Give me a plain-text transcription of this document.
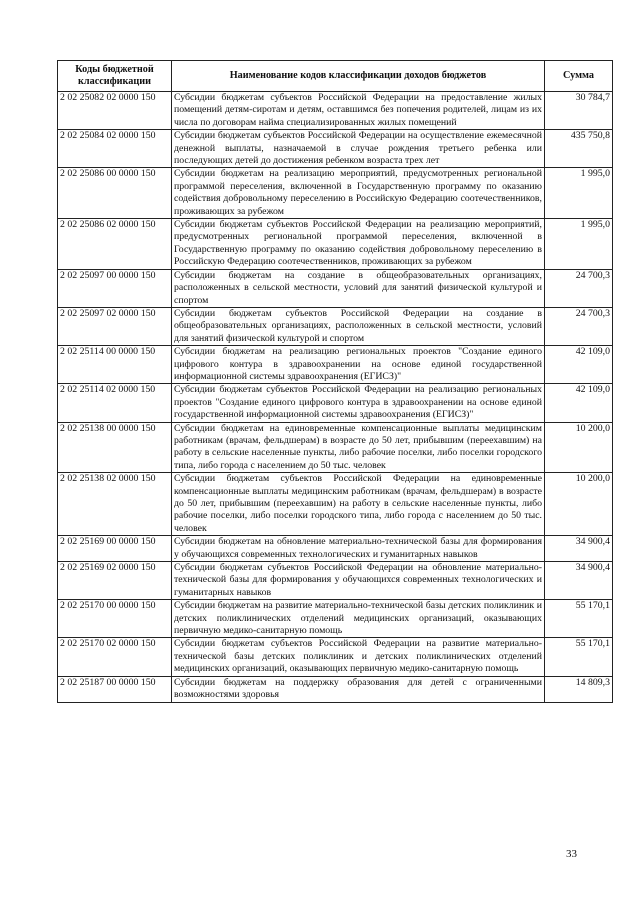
Коды бюджетной классификации	Наименование кодов классификации доходов бюджетов	Сумма
2 02 25082 02 0000 150	Субсидии бюджетам субъектов Российской Федерации на предоставление жилых помещений детям-сиротам и детям, оставшимся без попечения родителей, лицам из их числа по договорам найма специализированных жилых помещений	30 784,7
2 02 25084 02 0000 150	Субсидии бюджетам субъектов Российской Федерации на осуществление ежемесячной денежной выплаты, назначаемой в случае рождения третьего ребенка или последующих детей до достижения ребенком возраста трех лет	435 750,8
2 02 25086 00 0000 150	Субсидии бюджетам на реализацию мероприятий, предусмотренных региональной программой переселения, включенной в Государственную программу по оказанию содействия добровольному переселению в Российскую Федерацию соотечественников, проживающих за рубежом	1 995,0
2 02 25086 02 0000 150	Субсидии бюджетам субъектов Российской Федерации на реализацию мероприятий, предусмотренных региональной программой переселения, включенной в Государственную программу по оказанию содействия добровольному переселению в Российскую Федерацию соотечественников, проживающих за рубежом	1 995,0
2 02 25097 00 0000 150	Субсидии бюджетам на создание в общеобразовательных организациях, расположенных в сельской местности, условий для занятий физической культурой и спортом	24 700,3
2 02 25097 02 0000 150	Субсидии бюджетам субъектов Российской Федерации на создание в общеобразовательных организациях, расположенных в сельской местности, условий для занятий физической культурой и спортом	24 700,3
2 02 25114 00 0000 150	Субсидии бюджетам на реализацию региональных проектов "Создание единого цифрового контура в здравоохранении на основе единой государственной информационной системы здравоохранения (ЕГИСЗ)"	42 109,0
2 02 25114 02 0000 150	Субсидии бюджетам субъектов Российской Федерации на реализацию региональных проектов "Создание единого цифрового контура в здравоохранении на основе единой государственной информационной системы здравоохранения (ЕГИСЗ)"	42 109,0
2 02 25138 00 0000 150	Субсидии бюджетам на единовременные компенсационные выплаты медицинским работникам (врачам, фельдшерам) в возрасте до 50 лет, прибывшим (переехавшим) на работу в сельские населенные пункты, либо рабочие поселки, либо поселки городского типа, либо города с населением до 50 тыс. человек	10 200,0
2 02 25138 02 0000 150	Субсидии бюджетам субъектов Российской Федерации на единовременные компенсационные выплаты медицинским работникам (врачам, фельдшерам) в возрасте до 50 лет, прибывшим (переехавшим) на работу в сельские населенные пункты, либо рабочие поселки, либо поселки городского типа, либо города с населением до 50 тыс. человек	10 200,0
2 02 25169 00 0000 150	Субсидии бюджетам на обновление материально-технической базы для формирования у обучающихся современных технологических и гуманитарных навыков	34 900,4
2 02 25169 02 0000 150	Субсидии бюджетам субъектов Российской Федерации на обновление материально-технической базы для формирования у обучающихся современных технологических и гуманитарных навыков	34 900,4
2 02 25170 00 0000 150	Субсидии бюджетам на развитие материально-технической базы детских поликлиник и детских поликлинических отделений медицинских организаций, оказывающих первичную медико-санитарную помощь	55 170,1
2 02 25170 02 0000 150	Субсидии бюджетам субъектов Российской Федерации на развитие материально-технической базы детских поликлиник и детских поликлинических отделений медицинских организаций, оказывающих первичную медико-санитарную помощь	55 170,1
2 02 25187 00 0000 150	Субсидии бюджетам на поддержку образования для детей с ограниченными возможностями здоровья	14 809,3
33
